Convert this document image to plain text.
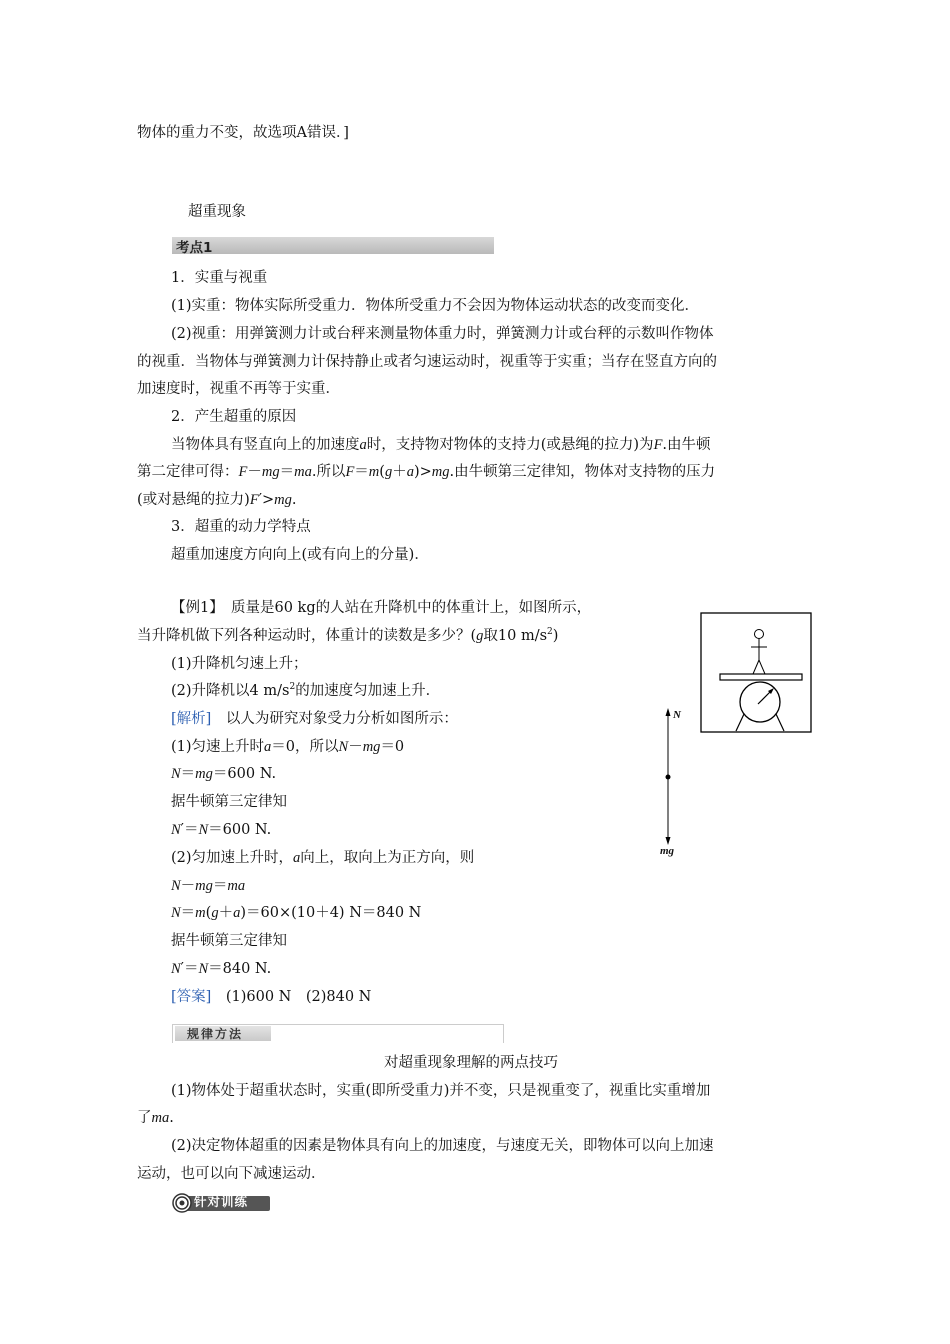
物体的重力不变，故选项A错误．]
超重现象
考点1
1．实重与视重
(1)实重：物体实际所受重力．物体所受重力不会因为物体运动状态的改变而变化．
(2)视重：用弹簧测力计或台秤来测量物体重力时，弹簧测力计或台秤的示数叫作物体
的视重．当物体与弹簧测力计保持静止或者匀速运动时，视重等于实重；当存在竖直方向的
加速度时，视重不再等于实重．
2．产生超重的原因
当物体具有竖直向上的加速度a时，支持物对物体的支持力(或悬绳的拉力)为F.由牛顿
第二定律可得：F－mg＝ma.所以F＝m(g＋a)>mg.由牛顿第三定律知，物体对支持物的压力
(或对悬绳的拉力)F′>mg.
3．超重的动力学特点
超重加速度方向向上(或有向上的分量)．
【例1】　 质量是60 kg的人站在升降机中的体重计上，如图所示，
当升降机做下列各种运动时，体重计的读数是多少？(g取10 $m/s^2$)
(1)升降机匀速上升；
(2)升降机以4 $m/s^2$的加速度匀加速上升．
[解析]　 以人为研究对象受力分析如图所示：
(1)匀速上升时a＝0，所以N－mg＝0
N＝mg＝600 N.
据牛顿第三定律知
N′＝N＝600 N.
(2)匀加速上升时，a向上，取向上为正方向，则
N－mg＝ma
N＝m(g＋a)＝60×(10＋4) N＝840 N
据牛顿第三定律知
N′＝N＝840 N.
[答案]　 (1)600 N　(2)840 N
规律方法
对超重现象理解的两点技巧
(1)物体处于超重状态时，实重(即所受重力)并不变，只是视重变了，视重比实重增加
了ma.
(2)决定物体超重的因素是物体具有向上的加速度，与速度无关，即物体可以向上加速
运动，也可以向下减速运动．
针对训练
N
mg
